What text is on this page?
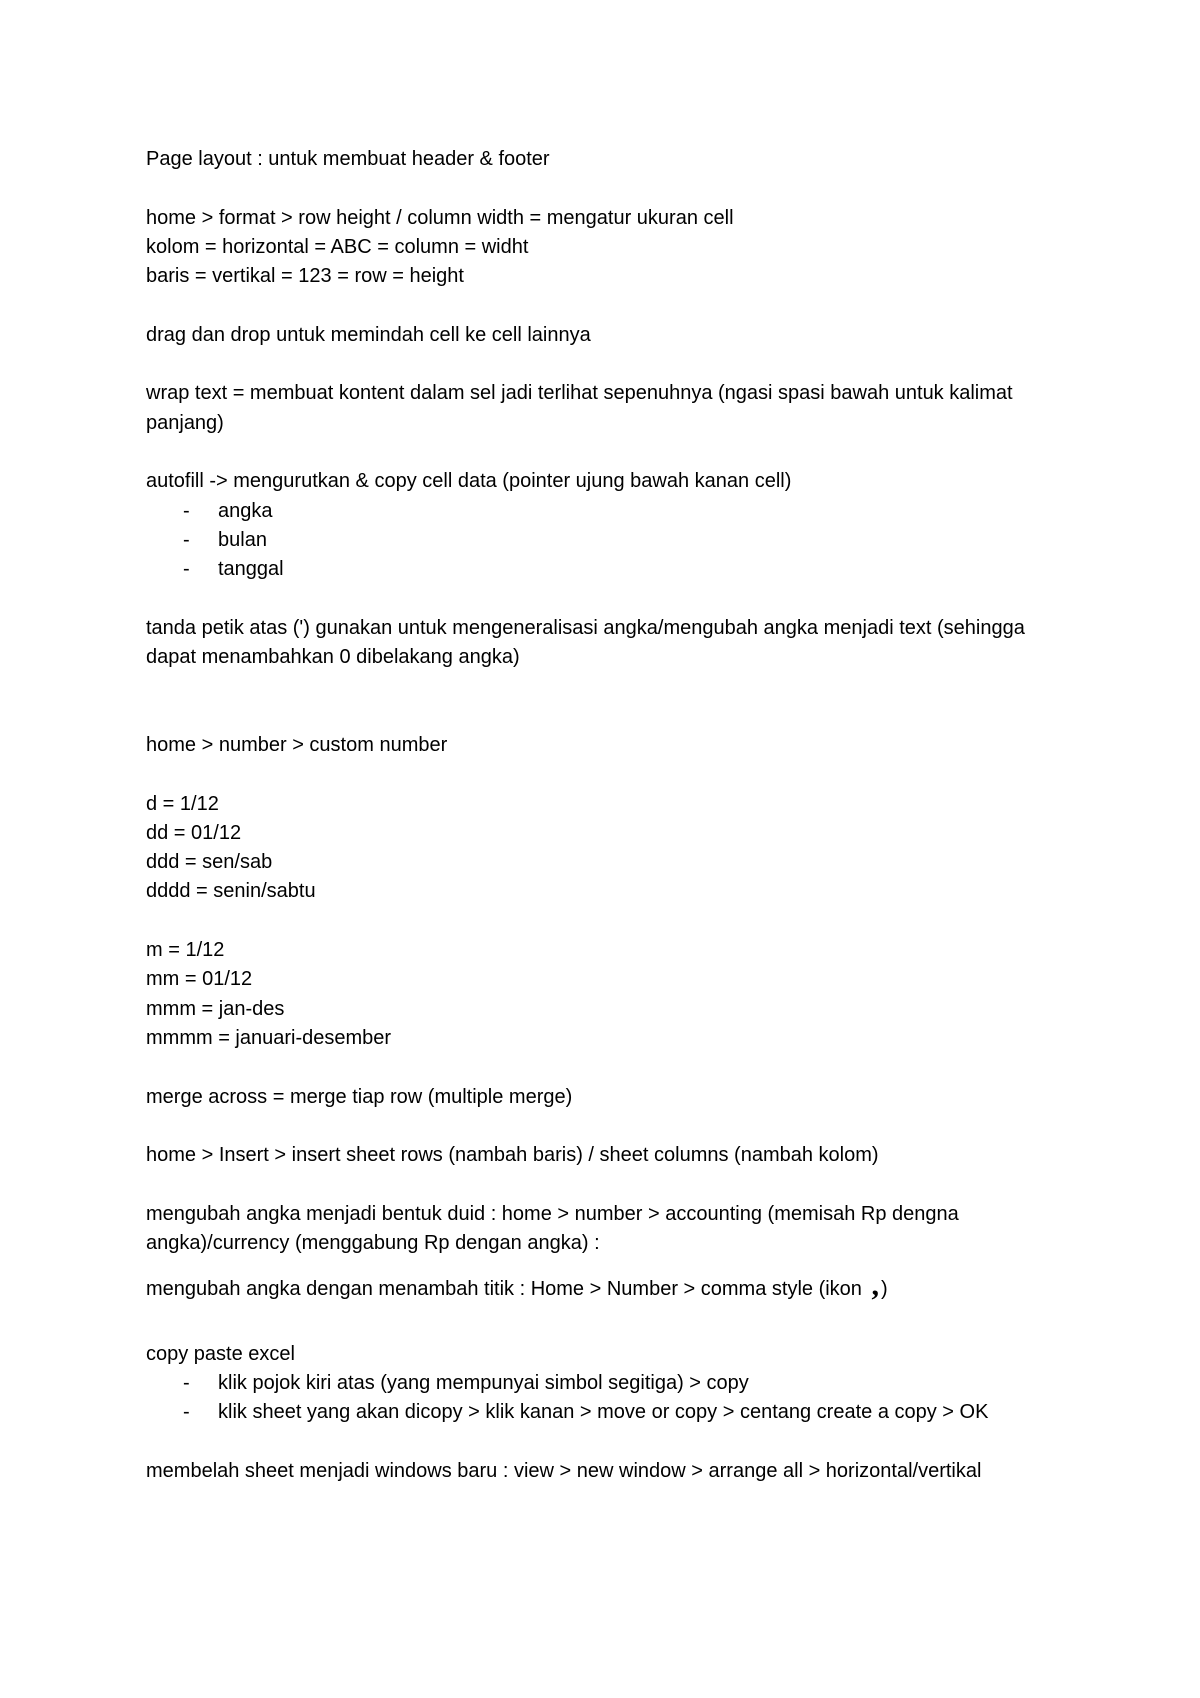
Page layout : untuk membuat header & footer

home > format > row height / column width = mengatur ukuran cell

kolom = horizontal = ABC = column = widht

baris = vertikal = 123 = row = height

drag dan drop untuk memindah cell ke cell lainnya

wrap text = membuat kontent dalam sel jadi terlihat sepenuhnya (ngasi spasi bawah untuk kalimat panjang)

autofill -> mengurutkan & copy cell data (pointer ujung bawah kanan cell)

- angka
- bulan
- tanggal

tanda petik atas (') gunakan untuk mengeneralisasi angka/mengubah angka menjadi text (sehingga dapat menambahkan 0 dibelakang angka)

home > number > custom number

d = 1/12

dd = 01/12

ddd = sen/sab

dddd = senin/sabtu

m = 1/12

mm = 01/12

mmm = jan-des

mmmm = januari-desember

merge across = merge tiap row (multiple merge)

home > Insert > insert sheet rows (nambah baris) / sheet columns (nambah kolom)

mengubah angka menjadi bentuk duid : home > number > accounting (memisah Rp dengna angka)/currency (menggabung Rp dengan angka) :

mengubah angka dengan menambah titik : Home > Number > comma style (ikon , )

copy paste excel

- klik pojok kiri atas (yang mempunyai simbol segitiga) > copy
- klik sheet yang akan dicopy > klik kanan > move or copy > centang create a copy > OK

membelah sheet menjadi windows baru : view > new window > arrange all > horizontal/vertikal
